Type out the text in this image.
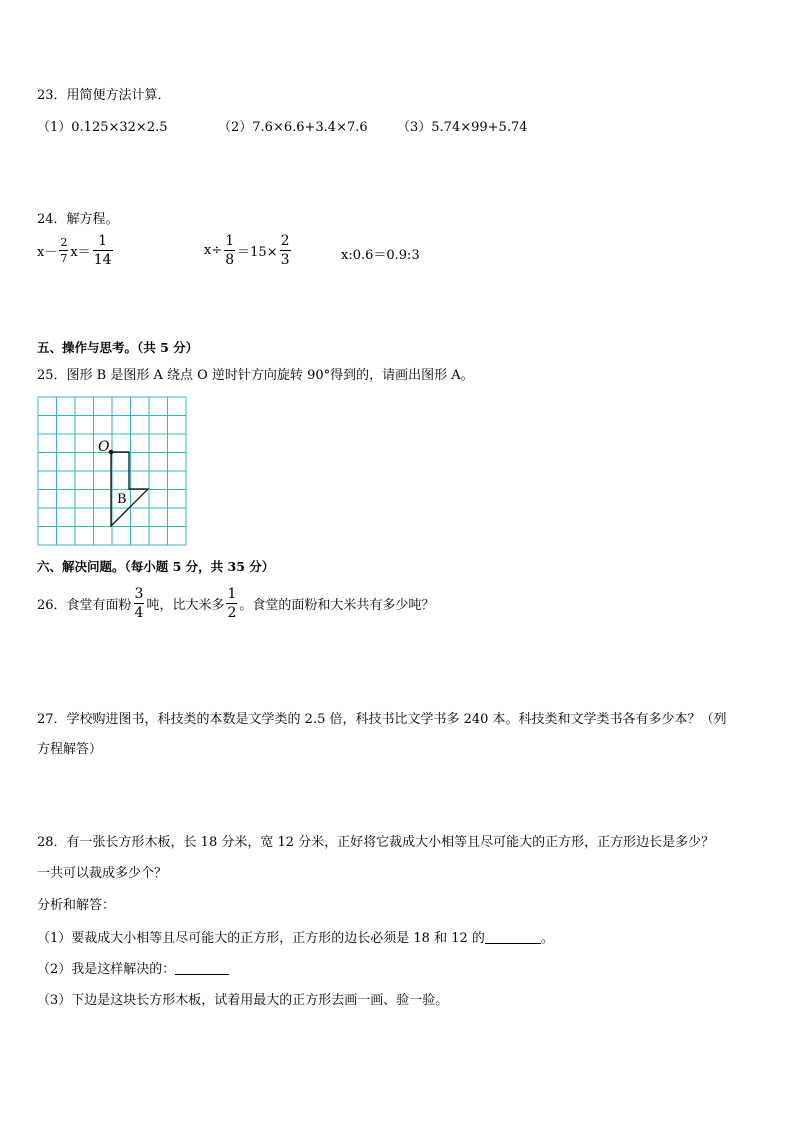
23．用简便方法计算．
（1）0.125×32×2.5	（2）7.6×6.6+3.4×7.6 （3）5.74×99+5.74
24．解方程。
$x- \frac{2}{7} x= \frac{1}{14}$	$x\div \frac{1}{8} =15\times \frac{2}{3}$	x:0.6＝0.9:3
五、操作与思考。（共 5 分）
25．图形 B 是图形 A 绕点 O 逆时针方向旋转 90°得到的，请画出图形 A。
O
B
六、解决问题。（每小题 5 分，共 35 分）
26．食堂有面粉 $\frac{3}{4}$ 吨，比大米多 $\frac{1}{2}$ 。食堂的面粉和大米共有多少吨？
27．学校购进图书，科技类的本数是文学类的 2.5 倍，科技书比文学书多 240 本。科技类和文学类书各有多少本？（列
方程解答）
28．有一张长方形木板，长 18 分米，宽 12 分米，正好将它裁成大小相等且尽可能大的正方形，正方形边长是多少？
一共可以裁成多少个？
分析和解答：
（1）要裁成大小相等且尽可能大的正方形，正方形的边长必须是 18 和 12 的	。
（2）我是这样解决的：
（3）下边是这块长方形木板，试着用最大的正方形去画一画、验一验。
